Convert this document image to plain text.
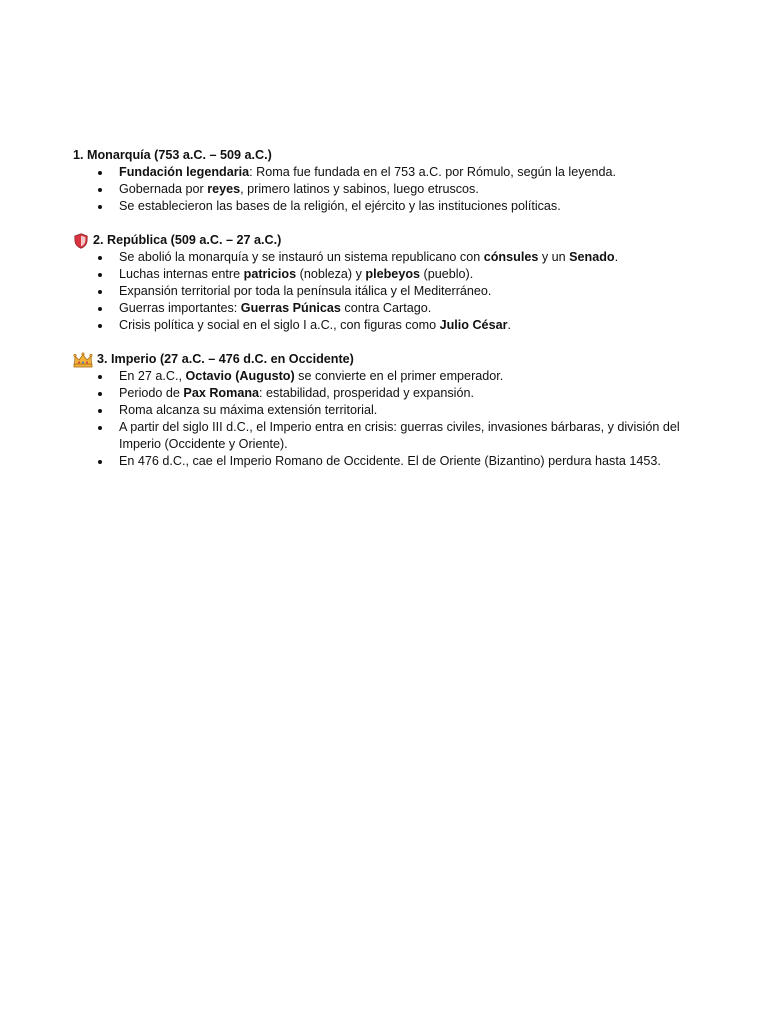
1. Monarquía (753 a.C. – 509 a.C.)
Fundación legendaria: Roma fue fundada en el 753 a.C. por Rómulo, según la leyenda.
Gobernada por reyes, primero latinos y sabinos, luego etruscos.
Se establecieron las bases de la religión, el ejército y las instituciones políticas.
2. República (509 a.C. – 27 a.C.)
Se abolió la monarquía y se instauró un sistema republicano con cónsules y un Senado.
Luchas internas entre patricios (nobleza) y plebeyos (pueblo).
Expansión territorial por toda la península itálica y el Mediterráneo.
Guerras importantes: Guerras Púnicas contra Cartago.
Crisis política y social en el siglo I a.C., con figuras como Julio César.
3. Imperio (27 a.C. – 476 d.C. en Occidente)
En 27 a.C., Octavio (Augusto) se convierte en el primer emperador.
Periodo de Pax Romana: estabilidad, prosperidad y expansión.
Roma alcanza su máxima extensión territorial.
A partir del siglo III d.C., el Imperio entra en crisis: guerras civiles, invasiones bárbaras, y división del Imperio (Occidente y Oriente).
En 476 d.C., cae el Imperio Romano de Occidente. El de Oriente (Bizantino) perdura hasta 1453.
